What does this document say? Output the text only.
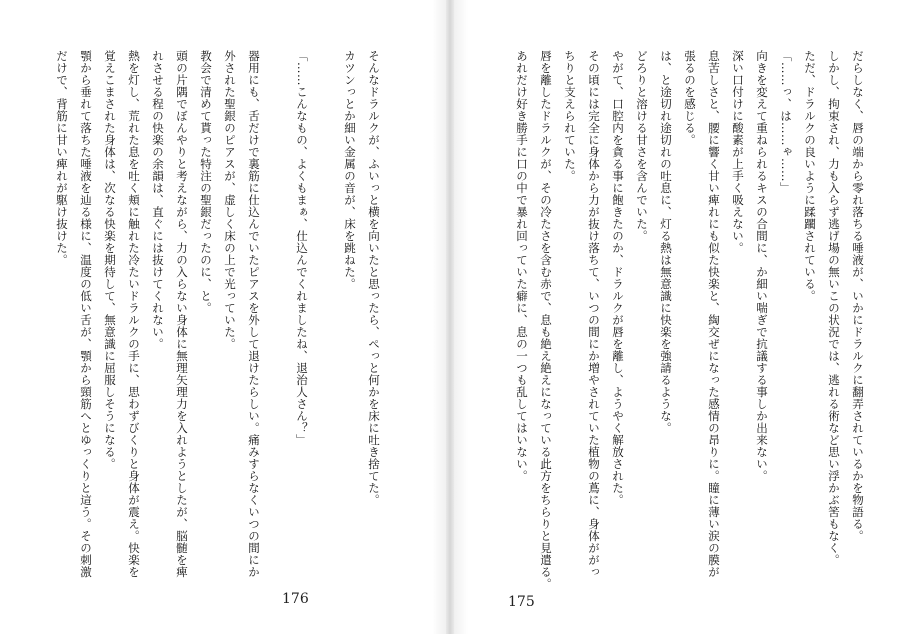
そんなドラルクが、ふいっと横を向いたと思ったら、ぺっと何かを床に吐き捨てた。
カツンっとか細い金属の音が、床を跳ねた。
「……こんなもの、よくもまぁ、仕込んでくれましたね、退治人さん？」
器用にも、舌だけで裏筋に仕込んでいたピアスを外して退けたらしい。痛みすらなくいつの間にか
外された聖銀のピアスが、虚しく床の上で光っていた。
教会で清めて貰った特注の聖銀だったのに、と。
頭の片隅でぼんやりと考えながら、力の入らない身体に無理矢理力を入れようとしたが、脳髄を痺
れさせる程の快楽の余韻は、直ぐには抜けてくれない。
熱を灯し、荒れた息を吐く頬に触れた冷たいドラルクの手に、思わずびくりと身体が震え。快楽を
覚えこまされた身体は、次なる快楽を期待して、無意識に屈服しそうになる。
顎から垂れて落ちた唾液を辿る様に、温度の低い舌が、顎から頸筋へとゆっくりと這う。その刺激
だけで、背筋に甘い痺れが駆け抜けた。
176
だらしなく、唇の端から零れ落ちる唾液が、いかにドラルクに翻弄されているかを物語る。
しかし、拘束され、力も入らず逃げ場の無いこの状況では、逃れる術など思い浮かぶ筈もなく。
ただ、ドラルクの良いように蹂躙されている。
「……っ、は……ゃ……」
向きを変えて重ねられるキスの合間に、か細い喘ぎで抗議する事しか出来ない。
深い口付けに酸素が上手く吸えない。
息苦しさと、腰に響く甘い痺れにも似た快楽と、綯交ぜになった感情の昂りに。瞳に薄い涙の膜が
張るのを感じる。
は、と途切れ途切れの吐息に、灯る熱は無意識に快楽を強請るような。
どろりと溶ける甘さを含んでいた。
やがて、口腔内を貪る事に飽きたのか、ドラルクが唇を離し、ようやく解放された。
その頃には完全に身体から力が抜け落ちて、いつの間にか増やされていた植物の蔦に、身体ががっ
ちりと支えられていた。
唇を離したドラルクが、その冷たさを含む赤で、息も絶え絶えになっている此方をちらりと見遣る。
あれだけ好き勝手に口の中で暴れ回っていた癖に、息の一つも乱してはいない。
175
